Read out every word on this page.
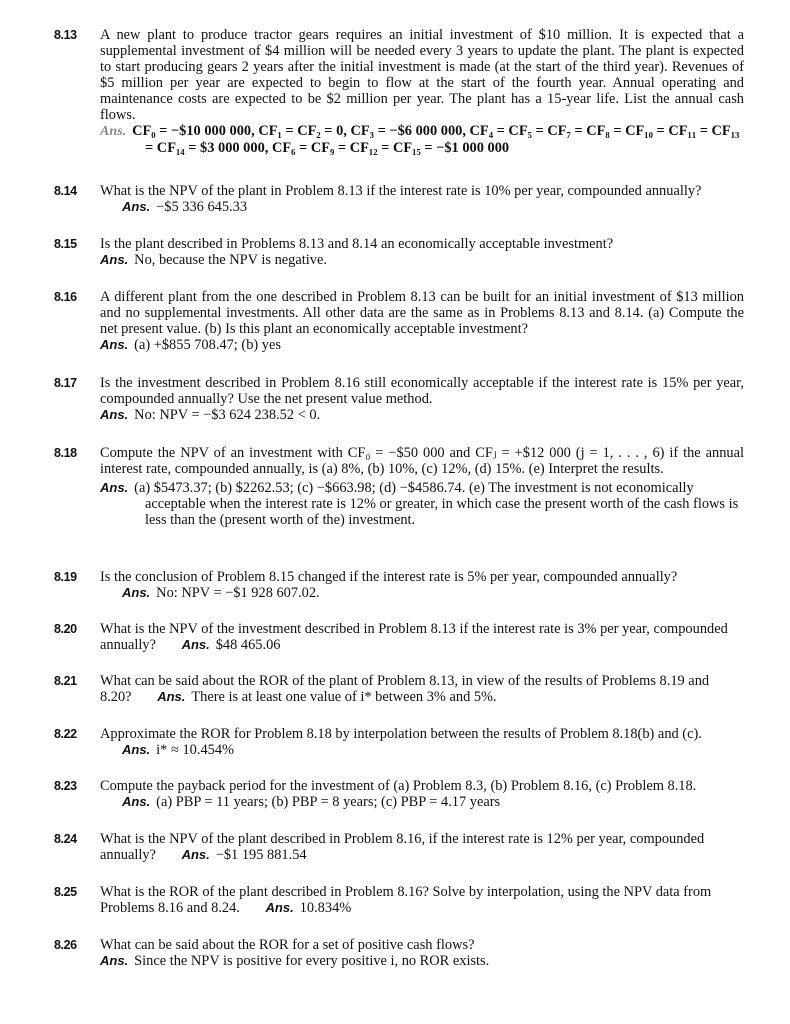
8.13 A new plant to produce tractor gears requires an initial investment of $10 million. It is expected that a supplemental investment of $4 million will be needed every 3 years to update the plant. The plant is expected to start producing gears 2 years after the initial investment is made (at the start of the third year). Revenues of $5 million per year are expected to begin to flow at the start of the fourth year. Annual operating and maintenance costs are expected to be $2 million per year. The plant has a 15-year life. List the annual cash flows.
Ans. CF₀ = −$10 000 000, CF₁ = CF₂ = 0, CF₃ = −$6 000 000, CF₄ = CF₅ = CF₇ = CF₈ = CF₁₀ = CF₁₁ = CF₁₃ = CF₁₄ = $3 000 000, CF₆ = CF₉ = CF₁₂ = CF₁₅ = −$1 000 000
8.14 What is the NPV of the plant in Problem 8.13 if the interest rate is 10% per year, compounded annually? Ans. −$5 336 645.33
8.15 Is the plant described in Problems 8.13 and 8.14 an economically acceptable investment?
Ans. No, because the NPV is negative.
8.16 A different plant from the one described in Problem 8.13 can be built for an initial investment of $13 million and no supplemental investments. All other data are the same as in Problems 8.13 and 8.14. (a) Compute the net present value. (b) Is this plant an economically acceptable investment?
Ans. (a) +$855 708.47; (b) yes
8.17 Is the investment described in Problem 8.16 still economically acceptable if the interest rate is 15% per year, compounded annually? Use the net present value method.
Ans. No: NPV = −$3 624 238.52 < 0.
8.18 Compute the NPV of an investment with CF₀ = −$50 000 and CFⱼ = +$12 000 (j = 1, . . . , 6) if the annual interest rate, compounded annually, is (a) 8%, (b) 10%, (c) 12%, (d) 15%. (e) Interpret the results.
Ans. (a) $5473.37; (b) $2262.53; (c) −$663.98; (d) −$4586.74. (e) The investment is not economically acceptable when the interest rate is 12% or greater, in which case the present worth of the cash flows is less than the (present worth of the) investment.
8.19 Is the conclusion of Problem 8.15 changed if the interest rate is 5% per year, compounded annually? Ans. No: NPV = −$1 928 607.02.
8.20 What is the NPV of the investment described in Problem 8.13 if the interest rate is 3% per year, compounded annually? Ans. $48 465.06
8.21 What can be said about the ROR of the plant of Problem 8.13, in view of the results of Problems 8.19 and 8.20? Ans. There is at least one value of i* between 3% and 5%.
8.22 Approximate the ROR for Problem 8.18 by interpolation between the results of Problem 8.18(b) and (c). Ans. i* ≈ 10.454%
8.23 Compute the payback period for the investment of (a) Problem 8.3, (b) Problem 8.16, (c) Problem 8.18. Ans. (a) PBP = 11 years; (b) PBP = 8 years; (c) PBP = 4.17 years
8.24 What is the NPV of the plant described in Problem 8.16, if the interest rate is 12% per year, compounded annually? Ans. −$1 195 881.54
8.25 What is the ROR of the plant described in Problem 8.16? Solve by interpolation, using the NPV data from Problems 8.16 and 8.24. Ans. 10.834%
8.26 What can be said about the ROR for a set of positive cash flows?
Ans. Since the NPV is positive for every positive i, no ROR exists.
